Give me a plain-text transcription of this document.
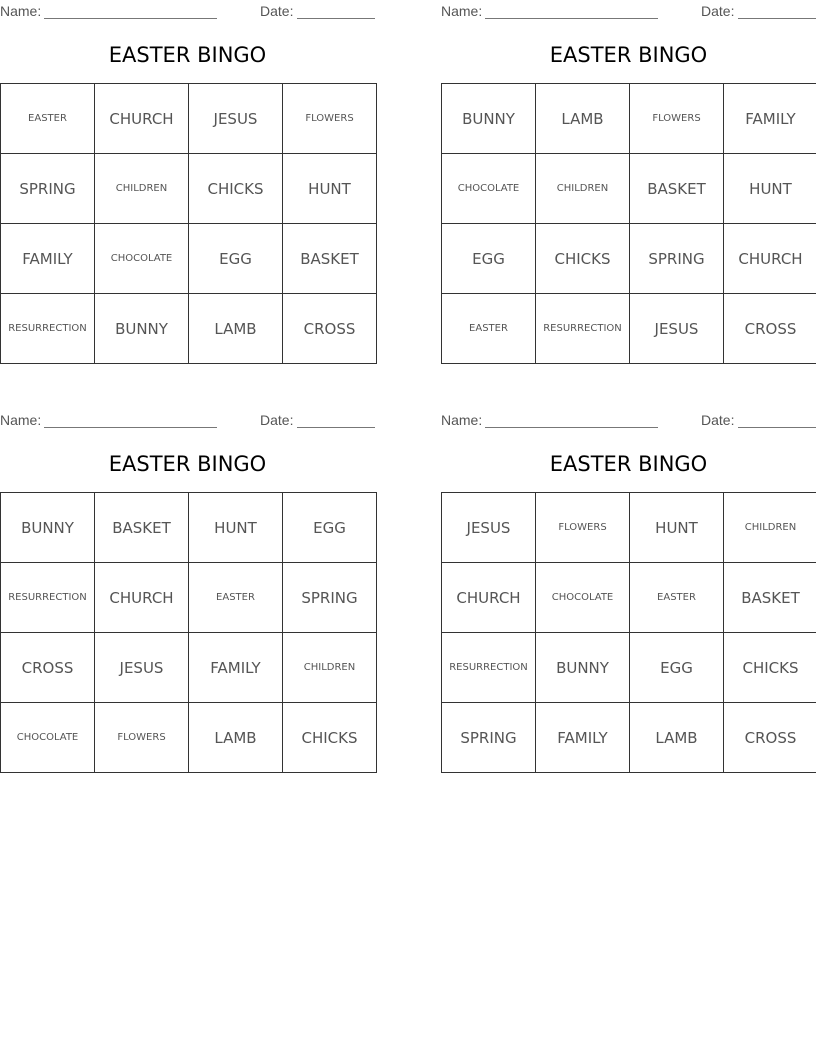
Name:	Date:
EASTER BINGO
EASTER	CHURCH	JESUS	FLOWERS
SPRING	CHILDREN	CHICKS	HUNT
FAMILY	CHOCOLATE	EGG	BASKET
RESURRECTION	BUNNY	LAMB	CROSS
Name:	Date:
EASTER BINGO
BUNNY	LAMB	FLOWERS	FAMILY
CHOCOLATE	CHILDREN	BASKET	HUNT
EGG	CHICKS	SPRING	CHURCH
EASTER	RESURRECTION	JESUS	CROSS
Name:	Date:
EASTER BINGO
BUNNY	BASKET	HUNT	EGG
RESURRECTION	CHURCH	EASTER	SPRING
CROSS	JESUS	FAMILY	CHILDREN
CHOCOLATE	FLOWERS	LAMB	CHICKS
Name:	Date:
EASTER BINGO
JESUS	FLOWERS	HUNT	CHILDREN
CHURCH	CHOCOLATE	EASTER	BASKET
RESURRECTION	BUNNY	EGG	CHICKS
SPRING	FAMILY	LAMB	CROSS
